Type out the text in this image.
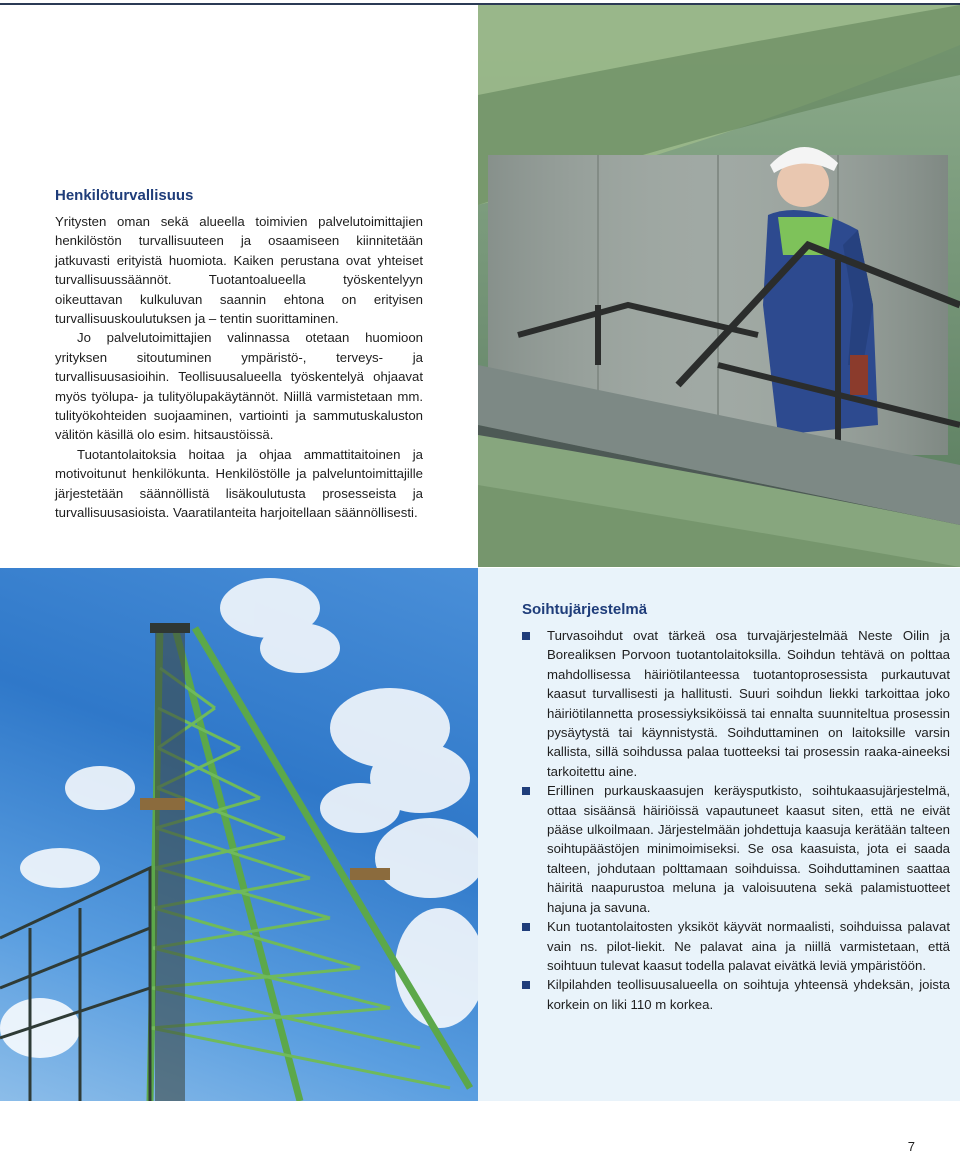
Henkilöturvallisuus

Yritysten oman sekä alueella toimivien palvelutoimittajien henkilöstön turvallisuuteen ja osaamiseen kiinnitetään jatkuvasti erityistä huomiota. Kaiken perustana ovat yhteiset turvallisuussäännöt. Tuotantoalueella työskentelyyn oikeuttavan kulkuluvan saannin ehtona on erityisen turvallisuuskoulutuksen ja – tentin suorittaminen.

Jo palvelutoimittajien valinnassa otetaan huomioon yrityksen sitoutuminen ympäristö-, terveys- ja turvallisuusasioihin. Teollisuusalueella työskentelyä ohjaavat myös työlupa- ja tulityölupakäytännöt. Niillä varmistetaan mm. tulityökohteiden suojaaminen, vartiointi ja sammutuskaluston välitön käsillä olo esim. hitsaustöissä.

Tuotantolaitoksia hoitaa ja ohjaa ammattitaitoinen ja motivoitunut henkilökunta. Henkilöstölle ja palveluntoimittajille järjestetään säännöllistä lisäkoulutusta prosesseista ja turvallisuusasioista. Vaaratilanteita harjoitellaan säännöllisesti.

Soihtujärjestelmä
Turvasoihdut ovat tärkeä osa turvajärjestelmää Neste Oilin ja Borealiksen Porvoon tuotantolaitoksilla. Soihdun tehtävä on polttaa mahdollisessa häiriötilanteessa tuotantoprosessista purkautuvat kaasut turvallisesti ja hallitusti. Suuri soihdun liekki tarkoittaa joko häiriötilannetta prosessiyksiköissä tai ennalta suunniteltua prosessin pysäytystä tai käynnistystä. Soihduttaminen on laitoksille varsin kallista, sillä soihdussa palaa tuotteeksi tai prosessin raaka-aineeksi tarkoitettu aine.
Erillinen purkauskaasujen keräysputkisto, soihtukaasujärjestelmä, ottaa sisäänsä häiriöissä vapautuneet kaasut siten, että ne eivät pääse ulkoilmaan. Järjestelmään johdettuja kaasuja kerätään talteen soihtupäästöjen minimoimiseksi. Se osa kaasuista, jota ei saada talteen, johdutaan polttamaan soihduissa. Soihduttaminen saattaa häiritä naapurustoa meluna ja valoisuutena sekä palamistuotteet hajuna ja savuna.
Kun tuotantolaitosten yksiköt käyvät normaalisti, soihduissa palavat vain ns. pilot-liekit. Ne palavat aina ja niillä varmistetaan, että soihtuun tulevat kaasut todella palavat eivätkä leviä ympäristöön.
Kilpilahden teollisuusalueella on soihtuja yhteensä yhdeksän, joista korkein on liki 110 m korkea.
7
